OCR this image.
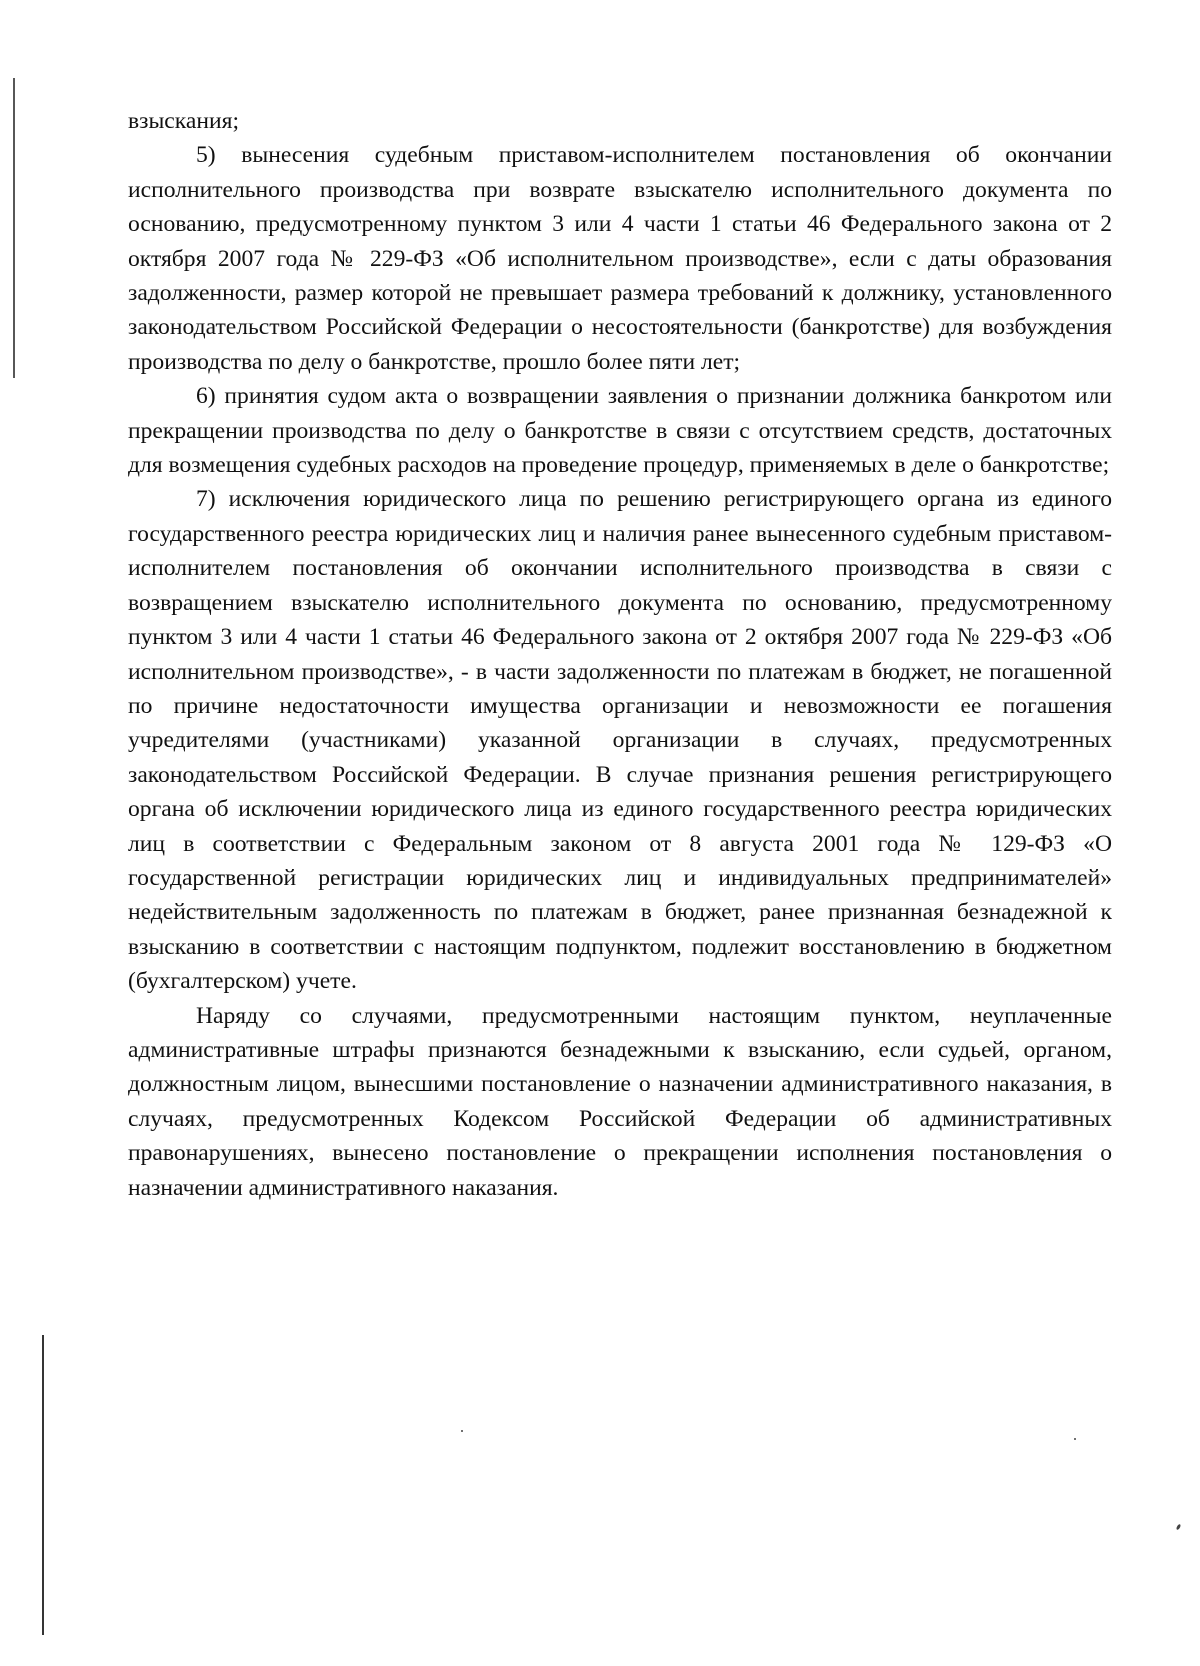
взыскания;

5) вынесения судебным приставом-исполнителем постановления об окончании исполнительного производства при возврате взыскателю исполнительного документа по основанию, предусмотренному пунктом 3 или 4 части 1 статьи 46 Федерального закона от 2 октября 2007 года № 229-ФЗ «Об исполнительном производстве», если с даты образования задолженности, размер которой не превышает размера требований к должнику, установленного законодательством Российской Федерации о несостоятельности (банкротстве) для возбуждения производства по делу о банкротстве, прошло более пяти лет;

6) принятия судом акта о возвращении заявления о признании должника банкротом или прекращении производства по делу о банкротстве в связи с отсутствием средств, достаточных для возмещения судебных расходов на проведение процедур, применяемых в деле о банкротстве;

7) исключения юридического лица по решению регистрирующего органа из единого государственного реестра юридических лиц и наличия ранее вынесенного судебным приставом-исполнителем постановления об окончании исполнительного производства в связи с возвращением взыскателю исполнительного документа по основанию, предусмотренному пунктом 3 или 4 части 1 статьи 46 Федерального закона от 2 октября 2007 года № 229-ФЗ «Об исполнительном производстве», - в части задолженности по платежам в бюджет, не погашенной по причине недостаточности имущества организации и невозможности ее погашения учредителями (участниками) указанной организации в случаях, предусмотренных законодательством Российской Федерации. В случае признания решения регистрирующего органа об исключении юридического лица из единого государственного реестра юридических лиц в соответствии с Федеральным законом от 8 августа 2001 года № 129-ФЗ «О государственной регистрации юридических лиц и индивидуальных предпринимателей» недействительным задолженность по платежам в бюджет, ранее признанная безнадежной к взысканию в соответствии с настоящим подпунктом, подлежит восстановлению в бюджетном (бухгалтерском) учете.

Наряду со случаями, предусмотренными настоящим пунктом, неуплаченные административные штрафы признаются безнадежными к взысканию, если судьей, органом, должностным лицом, вынесшими постановление о назначении административного наказания, в случаях, предусмотренных Кодексом Российской Федерации об административных правонарушениях, вынесено постановление о прекращении исполнения постановления о назначении административного наказания.
